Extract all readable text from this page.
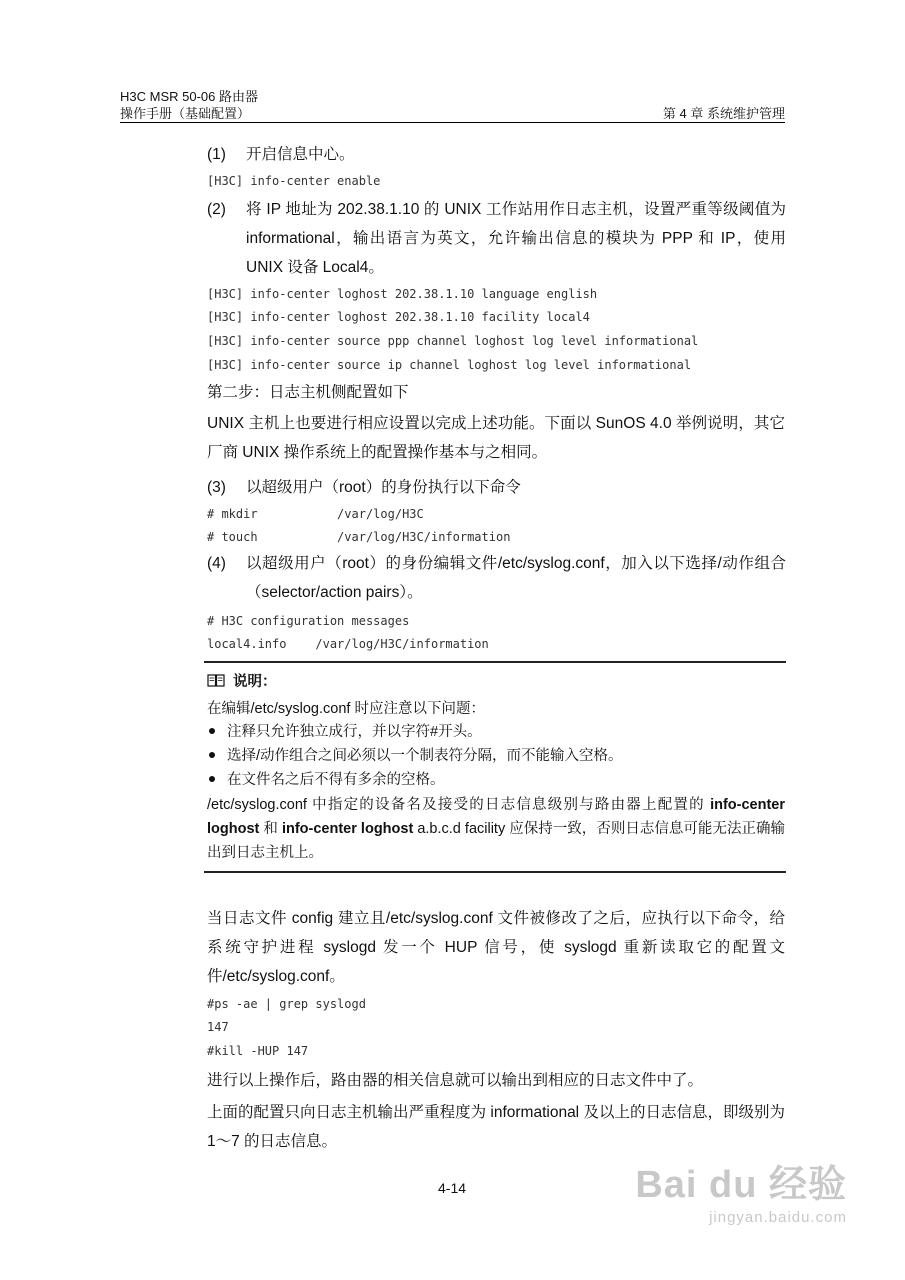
H3C MSR 50-06 路由器
操作手册（基础配置）	第 4 章 系统维护管理
(1) 开启信息中心。
[H3C] info-center enable
(2) 将 IP 地址为 202.38.1.10 的 UNIX 工作站用作日志主机，设置严重等级阈值为 informational，输出语言为英文，允许输出信息的模块为 PPP 和 IP，使用 UNIX 设备 Local4。
[H3C] info-center loghost 202.38.1.10 language english
[H3C] info-center loghost 202.38.1.10 facility local4
[H3C] info-center source ppp channel loghost log level informational
[H3C] info-center source ip channel loghost log level informational
第二步：日志主机侧配置如下
UNIX 主机上也要进行相应设置以完成上述功能。下面以 SunOS 4.0 举例说明，其它厂商 UNIX 操作系统上的配置操作基本与之相同。
(3) 以超级用户（root）的身份执行以下命令
# mkdir           /var/log/H3C
# touch           /var/log/H3C/information
(4) 以超级用户（root）的身份编辑文件/etc/syslog.conf，加入以下选择/动作组合（selector/action pairs）。
# H3C configuration messages
local4.info    /var/log/H3C/information
说明：
在编辑/etc/syslog.conf 时应注意以下问题：
注释只允许独立成行，并以字符#开头。
选择/动作组合之间必须以一个制表符分隔，而不能输入空格。
在文件名之后不得有多余的空格。
/etc/syslog.conf 中指定的设备名及接受的日志信息级别与路由器上配置的 info-center loghost 和 info-center loghost a.b.c.d facility 应保持一致，否则日志信息可能无法正确输出到日志主机上。
当日志文件 config 建立且/etc/syslog.conf 文件被修改了之后，应执行以下命令，给系统守护进程 syslogd 发一个 HUP 信号，使 syslogd 重新读取它的配置文件/etc/syslog.conf。
#ps -ae | grep syslogd
147
#kill -HUP 147
进行以上操作后，路由器的相关信息就可以输出到相应的日志文件中了。
上面的配置只向日志主机输出严重程度为 informational 及以上的日志信息，即级别为 1～7 的日志信息。
4-14	Bai du 经验
jingyan.baidu.com
